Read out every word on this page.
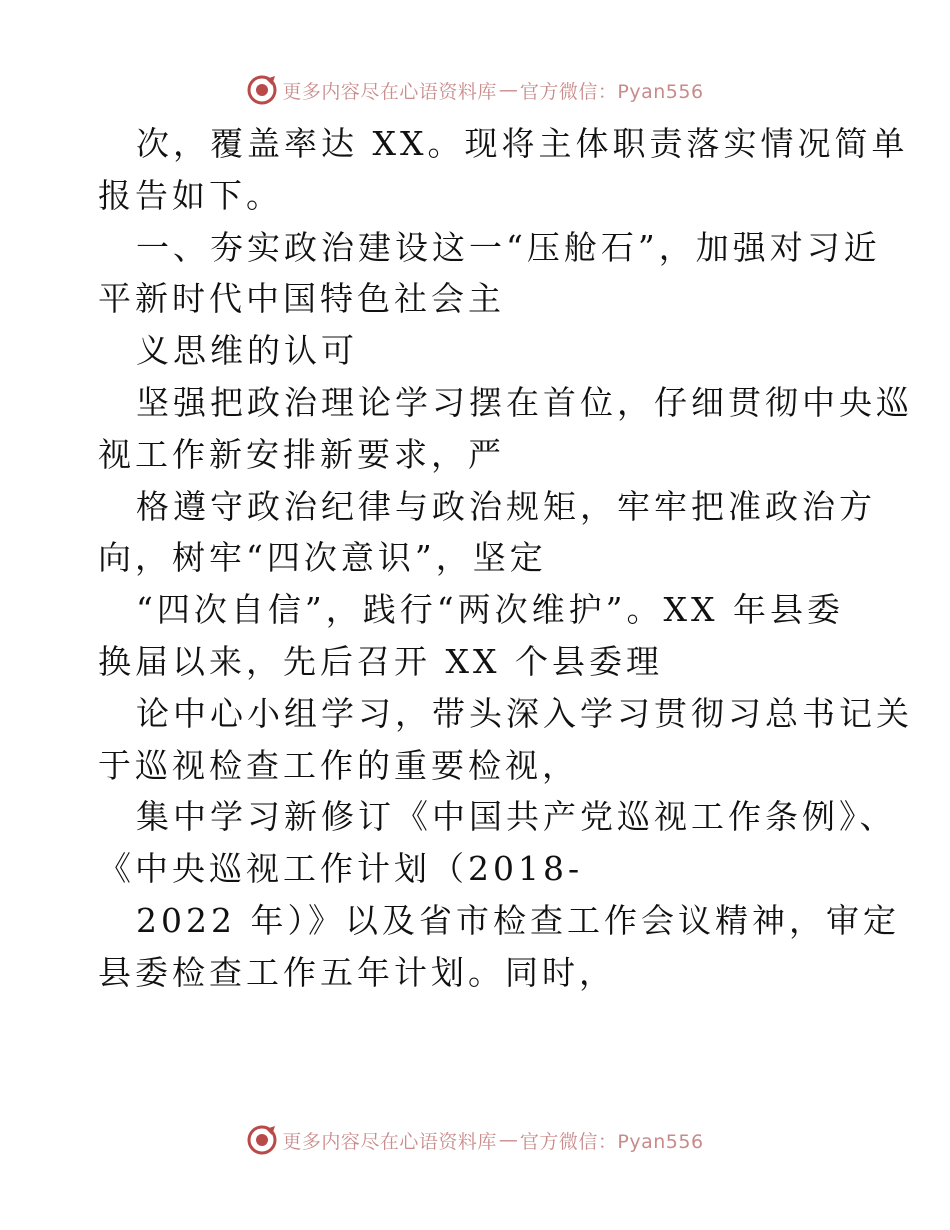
更多内容尽在心语资料库 — 官方微信：Pyan556
次，覆盖率达 XX。现将主体职责落实情况简单
报告如下。
一、夯实政治建设这一“压舱石”，加强对习近
平新时代中国特色社会主
义思维的认可
坚强把政治理论学习摆在首位，仔细贯彻中央巡
视工作新安排新要求，严
格遵守政治纪律与政治规矩，牢牢把准政治方
向，树牢“四次意识”，坚定
“四次自信”，践行“两次维护”。XX 年县委
换届以来，先后召开 XX 个县委理
论中心小组学习，带头深入学习贯彻习总书记关
于巡视检查工作的重要检视，
集中学习新修订《中国共产党巡视工作条例》、
《中央巡视工作计划（2018-
2022 年）》以及省市检查工作会议精神，审定
县委检查工作五年计划。同时，
更多内容尽在心语资料库 — 官方微信：Pyan556
